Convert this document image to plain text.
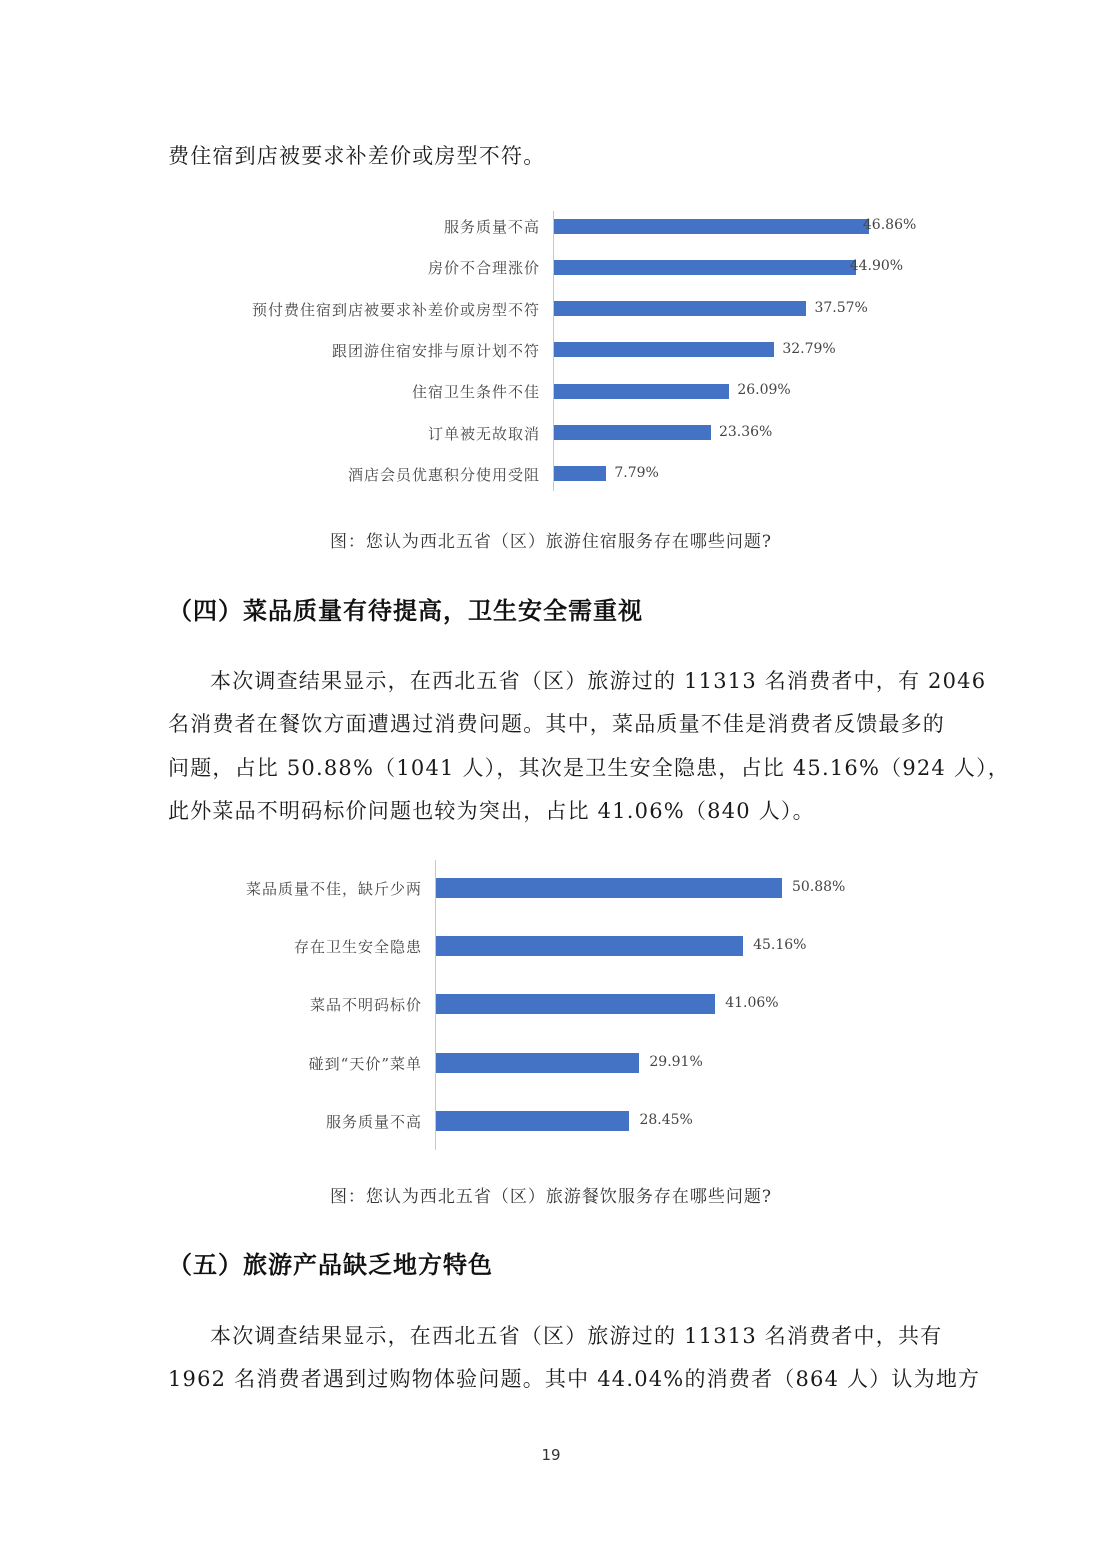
费住宿到店被要求补差价或房型不符。
服务质量不高	46.86%
房价不合理涨价	44.90%
预付费住宿到店被要求补差价或房型不符	37.57%
跟团游住宿安排与原计划不符	32.79%
住宿卫生条件不佳	26.09%
订单被无故取消	23.36%
酒店会员优惠积分使用受阻	7.79%
图：您认为西北五省（区）旅游住宿服务存在哪些问题?
（四）菜品质量有待提高，卫生安全需重视
本次调查结果显示，在西北五省（区）旅游过的 11313 名消费者中，有 2046
名消费者在餐饮方面遭遇过消费问题。其中，菜品质量不佳是消费者反馈最多的
问题，占比 50.88%（1041 人），其次是卫生安全隐患，占比 45.16%（924 人），
此外菜品不明码标价问题也较为突出，占比 41.06%（840 人）。
菜品质量不佳，缺斤少两	50.88%
存在卫生安全隐患	45.16%
菜品不明码标价	41.06%
碰到“天价”菜单	29.91%
服务质量不高	28.45%
图：您认为西北五省（区）旅游餐饮服务存在哪些问题?
（五）旅游产品缺乏地方特色
本次调查结果显示，在西北五省（区）旅游过的 11313 名消费者中，共有
1962 名消费者遇到过购物体验问题。其中 44.04%的消费者（864 人）认为地方
19
